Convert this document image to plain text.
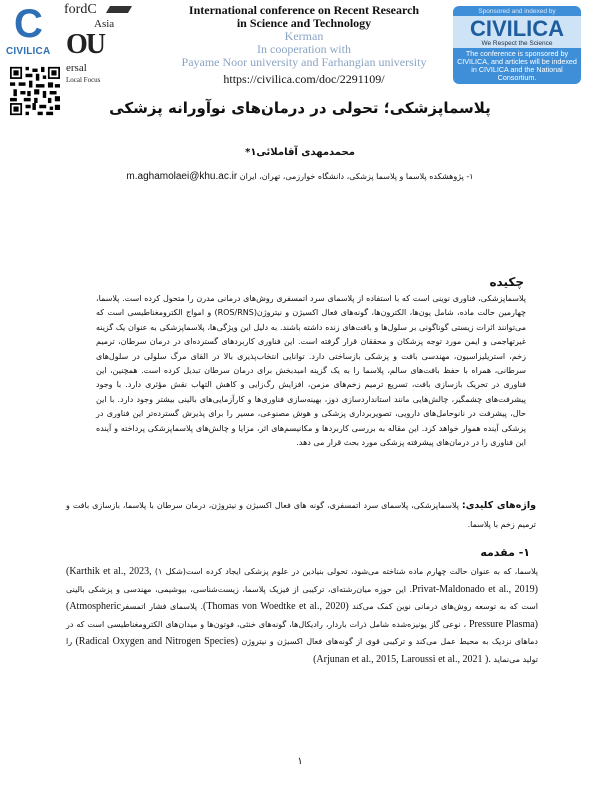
C
CIVILICA
fordC
Asia
OU
ersal
Local Focus
International conference on Recent Research
in Science and Technology
Kerman
In cooperation with
Payame Noor university and Farhangian university
https://civilica.com/doc/2291109/
Sponsored and indexed by
CIVILICA
We Respect the Science
The conference is sponsored by CIVILICA, and articles will be indexed in CIVILICA and the National Consortium.
پلاسماپزشکی؛ تحولی در درمان‌های نوآورانه پزشکی
محمدمهدی آقاملائی۱*
۱- پژوهشکده پلاسما و پلاسما پزشکی، دانشگاه خوارزمی، تهران، ایران m.aghamolaei@khu.ac.ir
چکیده
پلاسماپزشکی، فناوری نوینی است که با استفاده از پلاسمای سرد اتمسفری روش‌های درمانی مدرن را متحول کرده است. پلاسما، چهارمین حالت ماده، شامل یون‌ها، الکترون‌ها، گونه‌های فعال اکسیژن و نیتروژن(ROS/RNS) و امواج الکترومغناطیسی است که می‌توانند اثرات زیستی گوناگونی بر سلول‌ها و بافت‌های زنده داشته باشند. به دلیل این ویژگی‌ها، پلاسماپزشکی به عنوان یک گزینه غیرتهاجمی و ایمن مورد توجه پزشکان و محققان قرار گرفته است. این فناوری کاربردهای گسترده‌ای در درمان سرطان، ترمیم زخم، استریلیزاسیون، مهندسی بافت و پزشکی بازساختی دارد. توانایی انتخاب‌پذیری بالا در القای مرگ سلولی در سلول‌های سرطانی، همراه با حفظ بافت‌های سالم، پلاسما را به یک گزینه امیدبخش برای درمان سرطان تبدیل کرده است. همچنین، این فناوری در تحریک بازسازی بافت، تسریع ترمیم زخم‌های مزمن، افزایش رگ‌زایی و کاهش التهاب نقش مؤثری دارد. با وجود پیشرفت‌های چشمگیر، چالش‌هایی مانند استانداردسازی دوز، بهینه‌سازی فناوری‌ها و کارآزمایی‌های بالینی بیشتر وجود دارد. با این حال، پیشرفت در نانوحامل‌های دارویی، تصویربرداری پزشکی و هوش مصنوعی، مسیر را برای پذیرش گسترده‌تر این فناوری در پزشکی آینده هموار خواهد کرد. این مقاله به بررسی کاربردها و مکانیسم‌های اثر، مزایا و چالش‌های پلاسماپزشکی پرداخته و آینده این فناوری را در درمان‌های پیشرفته پزشکی مورد بحث قرار می دهد.
واژه‌های کلیدی: پلاسماپزشکی، پلاسمای سرد اتمسفری، گونه های فعال اکسیژن و نیتروژن، درمان سرطان با پلاسما، بازسازی بافت و ترمیم زخم با پلاسما.
۱- مقدمه
پلاسما، که به عنوان حالت چهارم ماده شناخته می‌شود، تحولی بنیادین در علوم پزشکی ایجاد کرده است(شکل ۱) (Karthik et al., 2023, Privat-Maldonado et al., 2019). این حوزه میان‌رشته‌ای، ترکیبی از فیزیک پلاسما، زیست‌شناسی، بیوشیمی، مهندسی و پزشکی بالینی است که به توسعه روش‌های درمانی نوین کمک می‌کند (Thomas von Woedtke et al., 2020). پلاسمای فشار اتمسفر(Atmospheric Pressure Plasma) ، نوعی گاز یونیزه‌شده شامل ذرات باردار، رادیکال‌ها، گونه‌های خنثی، فوتون‌ها و میدان‌های الکترومغناطیسی است که در دماهای نزدیک به محیط عمل می‌کند و ترکیبی قوی از گونه‌های فعال اکسیژن و نیتروژن (Radical Oxygen and Nitrogen Species) را تولید می‌نماید (Arjunan et al., 2015, Laroussi et al., 2021 ).
۱
